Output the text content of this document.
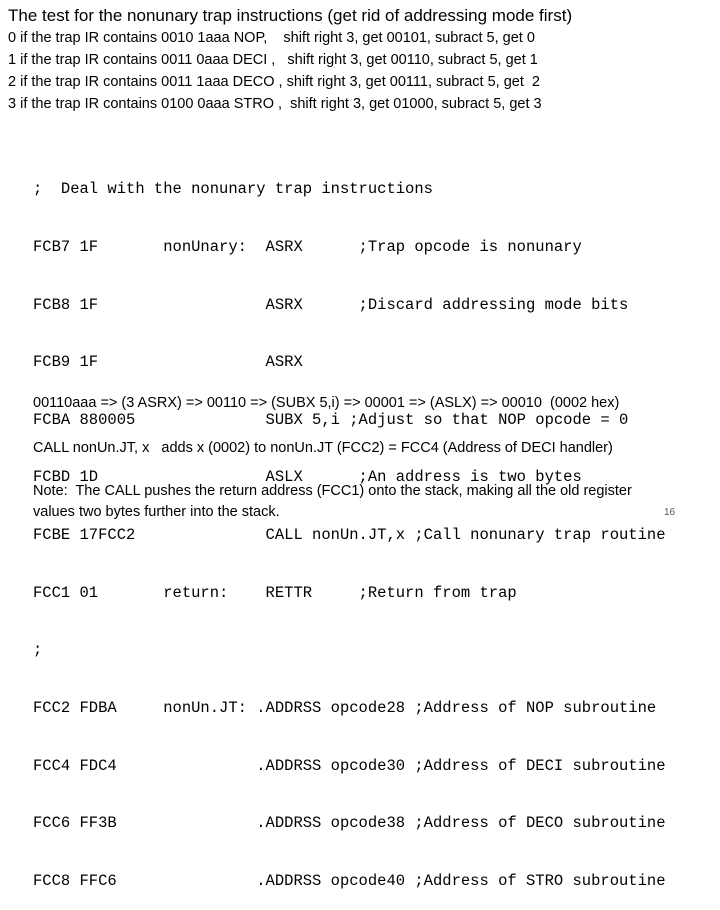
The test for the nonunary trap instructions (get rid of addressing mode first)
0 if the trap IR contains 0010 1aaa NOP,    shift right 3, get 00101, subract 5, get 0
1 if the trap IR contains 0011 0aaa DECI ,   shift right 3, get 00110, subract 5, get 1
2 if the trap IR contains 0011 1aaa DECO , shift right 3, get 00111, subract 5, get  2
3 if the trap IR contains 0100 0aaa STRO ,  shift right 3, get 01000, subract 5, get 3

;  Deal with the nonunary trap instructions

FCB7 1F       nonUnary:  ASRX      ;Trap opcode is nonunary

FCB8 1F                  ASRX      ;Discard addressing mode bits

FCB9 1F                  ASRX

FCBA 880005              SUBX 5,i ;Adjust so that NOP opcode = 0

FCBD 1D                  ASLX      ;An address is two bytes

FCBE 17FCC2              CALL nonUn.JT,x ;Call nonunary trap routine

FCC1 01       return:    RETTR     ;Return from trap

;

FCC2 FDBA     nonUn.JT: .ADDRSS opcode28 ;Address of NOP subroutine

FCC4 FDC4               .ADDRSS opcode30 ;Address of DECI subroutine

FCC6 FF3B               .ADDRSS opcode38 ;Address of DECO subroutine

FCC8 FFC6               .ADDRSS opcode40 ;Address of STRO subroutine

00110aaa => (3 ASRX) => 00110 => (SUBX 5,i) => 00001 => (ASLX) => 00010  (0002 hex)
CALL nonUn.JT, x   adds x (0002) to nonUn.JT (FCC2) = FCC4 (Address of DECI handler)
Note:  The CALL pushes the return address (FCC1) onto the stack, making all the old register
values two bytes further into the stack.	16
